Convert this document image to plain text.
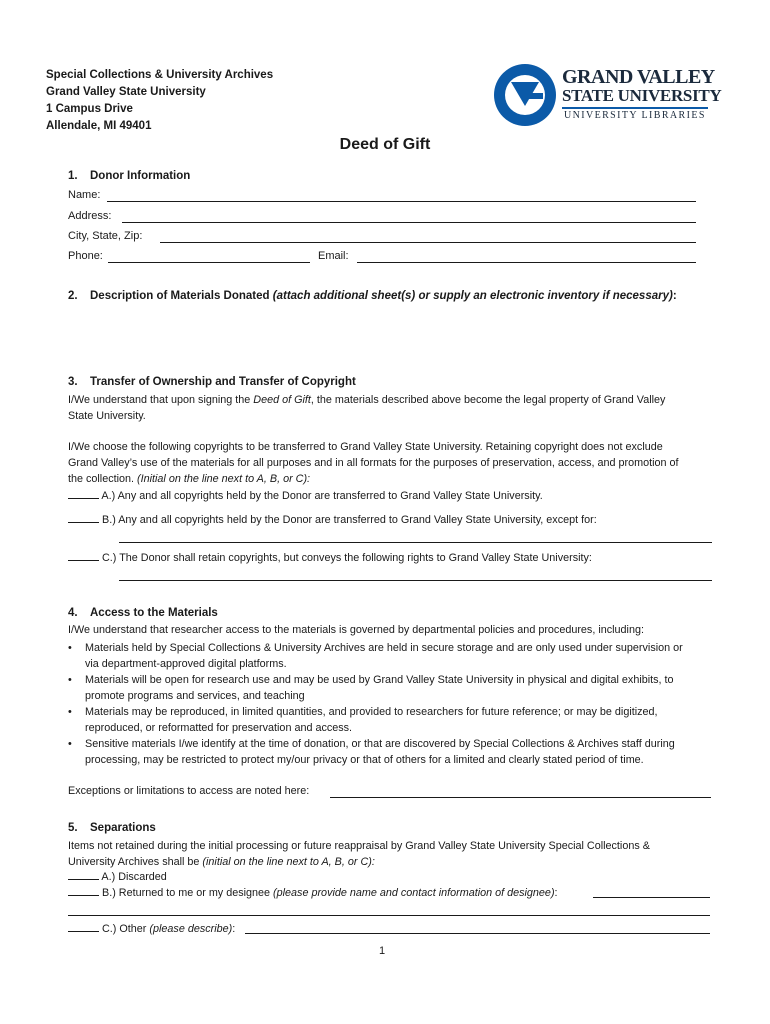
Special Collections & University Archives
Grand Valley State University
1 Campus Drive
Allendale, MI 49401
GRAND VALLEY
STATE UNIVERSITY
UNIVERSITY LIBRARIES
Deed of Gift
1. Donor Information
Name:
Address:
City, State, Zip:
Phone:	Email:
2. Description of Materials Donated (attach additional sheet(s) or supply an electronic inventory if necessary):
3. Transfer of Ownership and Transfer of Copyright
I/We understand that upon signing the Deed of Gift, the materials described above become the legal property of Grand Valley
State University.
I/We choose the following copyrights to be transferred to Grand Valley State University. Retaining copyright does not exclude
Grand Valley’s use of the materials for all purposes and in all formats for the purposes of preservation, access, and promotion of
the collection. (Initial on the line next to A, B, or C):
A.) Any and all copyrights held by the Donor are transferred to Grand Valley State University.
B.) Any and all copyrights held by the Donor are transferred to Grand Valley State University, except for:
C.) The Donor shall retain copyrights, but conveys the following rights to Grand Valley State University:
4. Access to the Materials
I/We understand that researcher access to the materials is governed by departmental policies and procedures, including:
• Materials held by Special Collections & University Archives are held in secure storage and are only used under supervision or
via department-approved digital platforms.
• Materials will be open for research use and may be used by Grand Valley State University in physical and digital exhibits, to
promote programs and services, and teaching
• Materials may be reproduced, in limited quantities, and provided to researchers for future reference; or may be digitized,
reproduced, or reformatted for preservation and access.
• Sensitive materials I/we identify at the time of donation, or that are discovered by Special Collections & Archives staff during
processing, may be restricted to protect my/our privacy or that of others for a limited and clearly stated period of time.
Exceptions or limitations to access are noted here:
5. Separations
Items not retained during the initial processing or future reappraisal by Grand Valley State University Special Collections &
University Archives shall be (initial on the line next to A, B, or C):
A.) Discarded
B.) Returned to me or my designee (please provide name and contact information of designee):
C.) Other (please describe):
1
